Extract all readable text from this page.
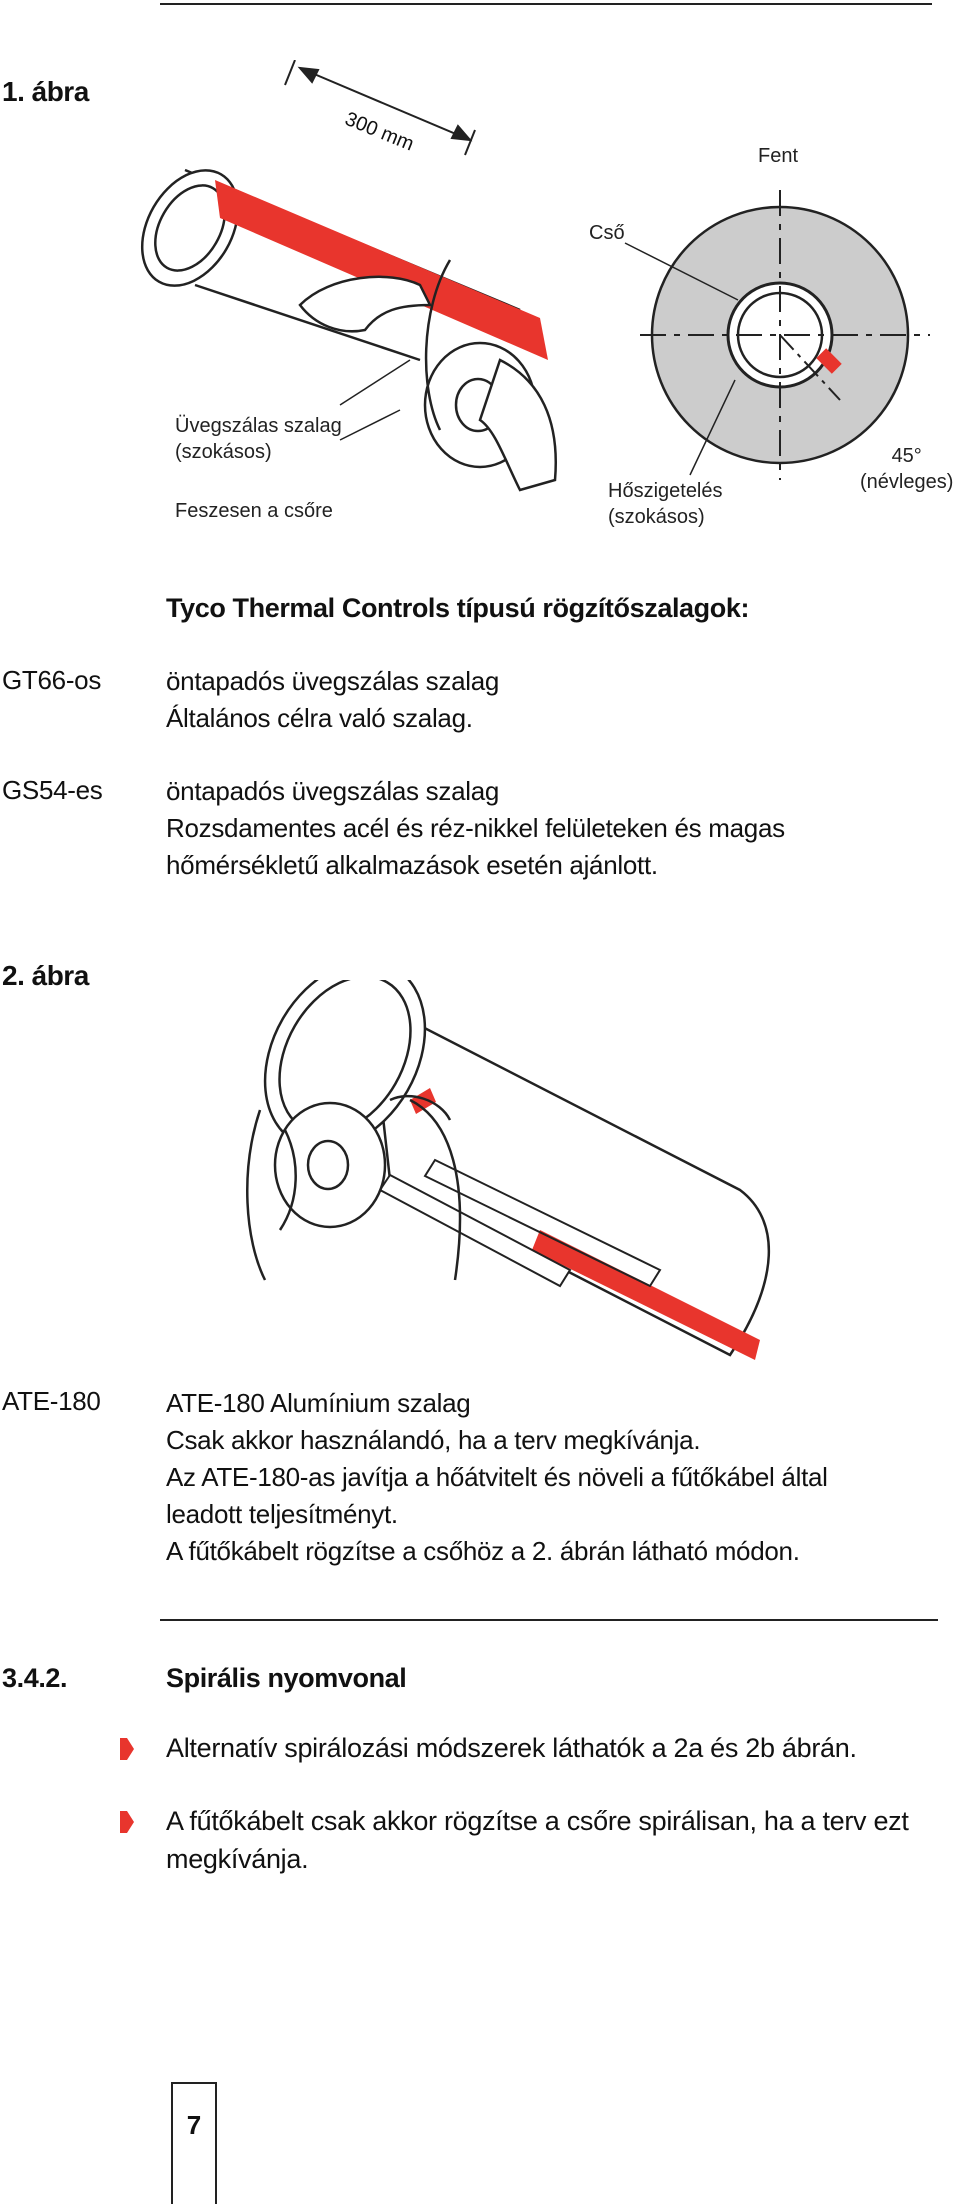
1. ábra
300 mm
Fent
Cső
Üvegszálas szalag
(szokásos)
Feszesen a csőre
Hőszigetelés
(szokásos)
45°
(névleges)
Tyco Thermal Controls típusú rögzítőszalagok:
GT66-os öntapadós üvegszálas szalag
Általános célra való szalag.
GS54-es öntapadós üvegszálas szalag
Rozsdamentes acél és réz-nikkel felületeken és magas
hőmérsékletű alkalmazások esetén ajánlott.
2. ábra
ATE-180	ATE-180 Alumínium szalag
Csak akkor használandó, ha a terv megkívánja.
Az ATE-180-as javítja a hőátvitelt és növeli a fűtőkábel által
leadott teljesítményt.
A fűtőkábelt rögzítse a csőhöz a 2. ábrán látható módon.
3.4.2.	Spirális nyomvonal
Alternatív spirálozási módszerek láthatók a 2a és 2b ábrán.
A fűtőkábelt csak akkor rögzítse a csőre spirálisan, ha a terv ezt
megkívánja.
7
